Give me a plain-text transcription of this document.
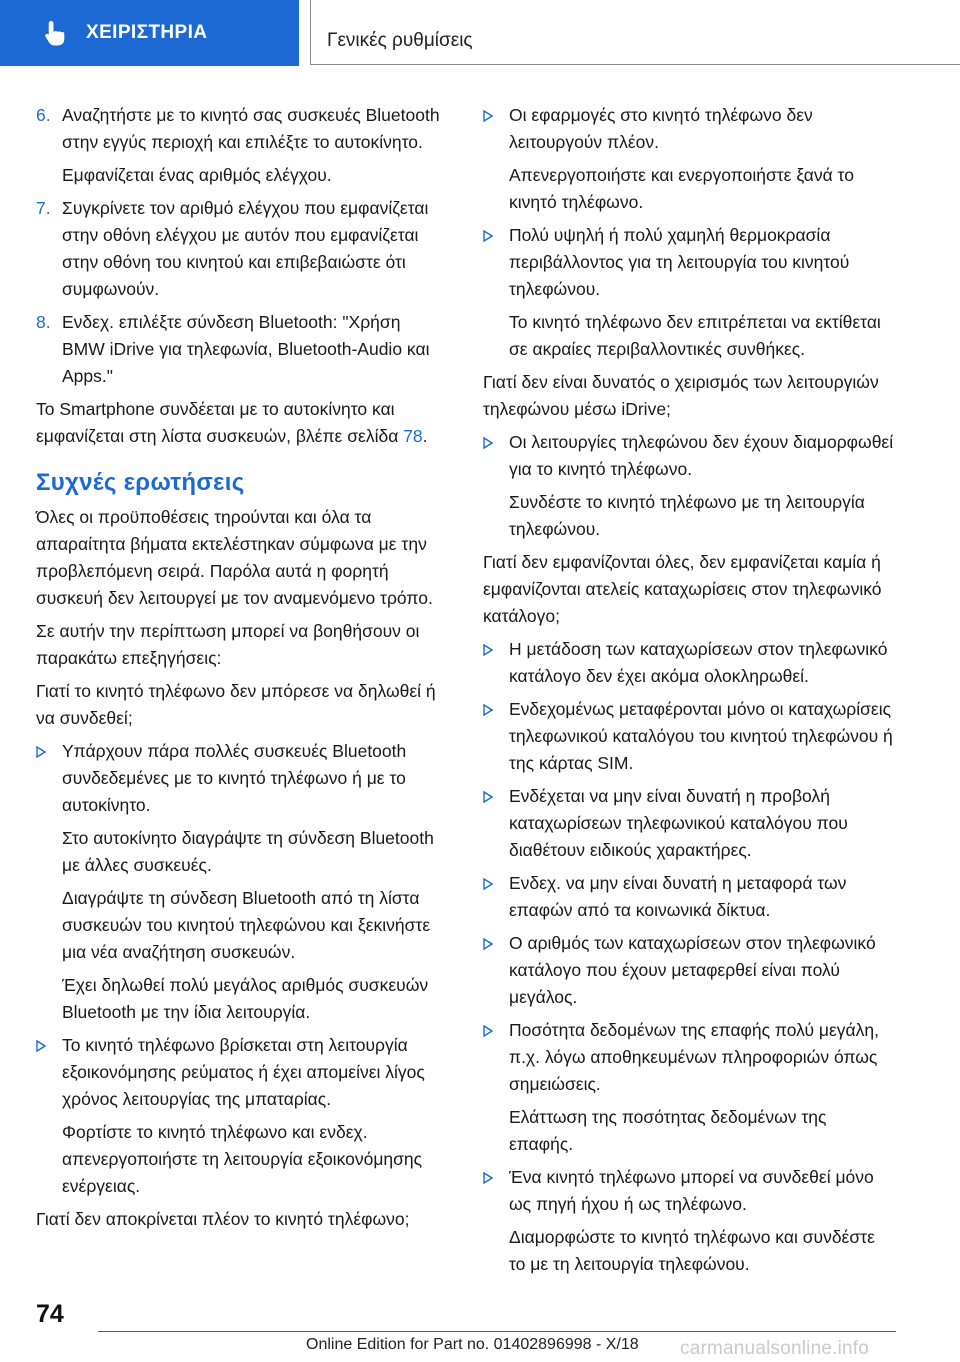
ΧΕΙΡΙΣΤΗΡΙΑ	Γενικές ρυθμίσεις
6. Αναζητήστε με το κινητό σας συσκευές Bluetooth στην εγγύς περιοχή και επιλέξτε το αυτοκίνητο.
Εμφανίζεται ένας αριθμός ελέγχου.
7. Συγκρίνετε τον αριθμό ελέγχου που εμφανίζεται στην οθόνη ελέγχου με αυτόν που εμφανίζεται στην οθόνη του κινητού και επιβεβαιώστε ότι συμφωνούν.
8. Ενδεχ. επιλέξτε σύνδεση Bluetooth: "Χρήση BMW iDrive για τηλεφωνία, Bluetooth-Audio και Apps."
Το Smartphone συνδέεται με το αυτοκίνητο και εμφανίζεται στη λίστα συσκευών, βλέπε σελίδα 78.
Συχνές ερωτήσεις
Όλες οι προϋποθέσεις τηρούνται και όλα τα απαραίτητα βήματα εκτελέστηκαν σύμφωνα με την προβλεπόμενη σειρά. Παρόλα αυτά η φορητή συσκευή δεν λειτουργεί με τον αναμενόμενο τρόπο.
Σε αυτήν την περίπτωση μπορεί να βοηθήσουν οι παρακάτω επεξηγήσεις:
Γιατί το κινητό τηλέφωνο δεν μπόρεσε να δηλωθεί ή να συνδεθεί;
Υπάρχουν πάρα πολλές συσκευές Bluetooth συνδεδεμένες με το κινητό τηλέφωνο ή με το αυτοκίνητο.
Στο αυτοκίνητο διαγράψτε τη σύνδεση Bluetooth με άλλες συσκευές.
Διαγράψτε τη σύνδεση Bluetooth από τη λίστα συσκευών του κινητού τηλεφώνου και ξεκινήστε μια νέα αναζήτηση συσκευών.
Έχει δηλωθεί πολύ μεγάλος αριθμός συσκευών Bluetooth με την ίδια λειτουργία.
Το κινητό τηλέφωνο βρίσκεται στη λειτουργία εξοικονόμησης ρεύματος ή έχει απομείνει λίγος χρόνος λειτουργίας της μπαταρίας.
Φορτίστε το κινητό τηλέφωνο και ενδεχ. απενεργοποιήστε τη λειτουργία εξοικονόμησης ενέργειας.
Γιατί δεν αποκρίνεται πλέον το κινητό τηλέφωνο;
Οι εφαρμογές στο κινητό τηλέφωνο δεν λειτουργούν πλέον.
Απενεργοποιήστε και ενεργοποιήστε ξανά το κινητό τηλέφωνο.
Πολύ υψηλή ή πολύ χαμηλή θερμοκρασία περιβάλλοντος για τη λειτουργία του κινητού τηλεφώνου.
Το κινητό τηλέφωνο δεν επιτρέπεται να εκτίθεται σε ακραίες περιβαλλοντικές συνθήκες.
Γιατί δεν είναι δυνατός ο χειρισμός των λειτουργιών τηλεφώνου μέσω iDrive;
Οι λειτουργίες τηλεφώνου δεν έχουν διαμορφωθεί για το κινητό τηλέφωνο.
Συνδέστε το κινητό τηλέφωνο με τη λειτουργία τηλεφώνου.
Γιατί δεν εμφανίζονται όλες, δεν εμφανίζεται καμία ή εμφανίζονται ατελείς καταχωρίσεις στον τηλεφωνικό κατάλογο;
Η μετάδοση των καταχωρίσεων στον τηλεφωνικό κατάλογο δεν έχει ακόμα ολοκληρωθεί.
Ενδεχομένως μεταφέρονται μόνο οι καταχωρίσεις τηλεφωνικού καταλόγου του κινητού τηλεφώνου ή της κάρτας SIM.
Ενδέχεται να μην είναι δυνατή η προβολή καταχωρίσεων τηλεφωνικού καταλόγου που διαθέτουν ειδικούς χαρακτήρες.
Ενδεχ. να μην είναι δυνατή η μεταφορά των επαφών από τα κοινωνικά δίκτυα.
Ο αριθμός των καταχωρίσεων στον τηλεφωνικό κατάλογο που έχουν μεταφερθεί είναι πολύ μεγάλος.
Ποσότητα δεδομένων της επαφής πολύ μεγάλη, π.χ. λόγω αποθηκευμένων πληροφοριών όπως σημειώσεις.
Ελάττωση της ποσότητας δεδομένων της επαφής.
Ένα κινητό τηλέφωνο μπορεί να συνδεθεί μόνο ως πηγή ήχου ή ως τηλέφωνο.
Διαμορφώστε το κινητό τηλέφωνο και συνδέστε το με τη λειτουργία τηλεφώνου.
74
Online Edition for Part no. 01402896998 - X/18 carmanualsonline.info
